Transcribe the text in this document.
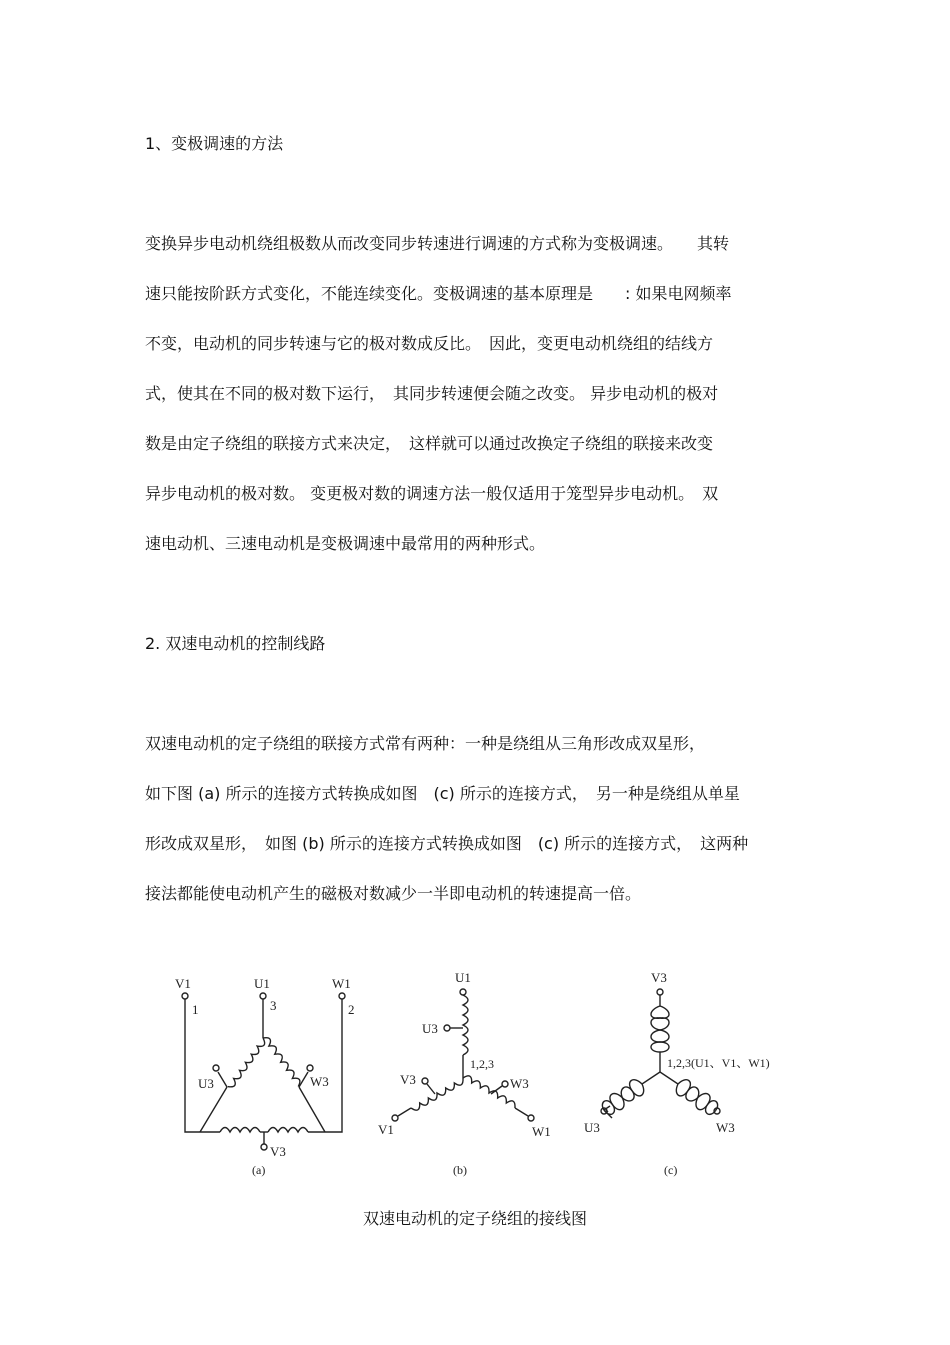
1、变极调速的方法
变换异步电动机绕组极数从而改变同步转速进行调速的方式称为变极调速。　　其转
速只能按阶跃方式变化，不能连续变化。变极调速的基本原理是　　: 如果电网频率
不变，电动机的同步转速与它的极对数成反比。　因此，变更电动机绕组的结线方
式，使其在不同的极对数下运行，　其同步转速便会随之改变。 异步电动机的极对
数是由定子绕组的联接方式来决定，　这样就可以通过改换定子绕组的联接来改变
异步电动机的极对数。 变更极对数的调速方法一般仅适用于笼型异步电动机。　双
速电动机、三速电动机是变极调速中最常用的两种形式。
2. 双速电动机的控制线路
双速电动机的定子绕组的联接方式常有两种：一种是绕组从三角形改成双星形，
如下图 (a) 所示的连接方式转换成如图　(c) 所示的连接方式，　另一种是绕组从单星
形改成双星形，　如图 (b) 所示的连接方式转换成如图　(c) 所示的连接方式，　这两种
接法都能使电动机产生的磁极对数减少一半即电动机的转速提高一倍。
V1	U1	W1
1	3	2
U3	W3
V3
(a)
U1
U3
1,2,3
V3	W3
V1	W1
(b)
V3
1,2,3(U1、V1、W1)
U3	W3
(c)
双速电动机的定子绕组的接线图
